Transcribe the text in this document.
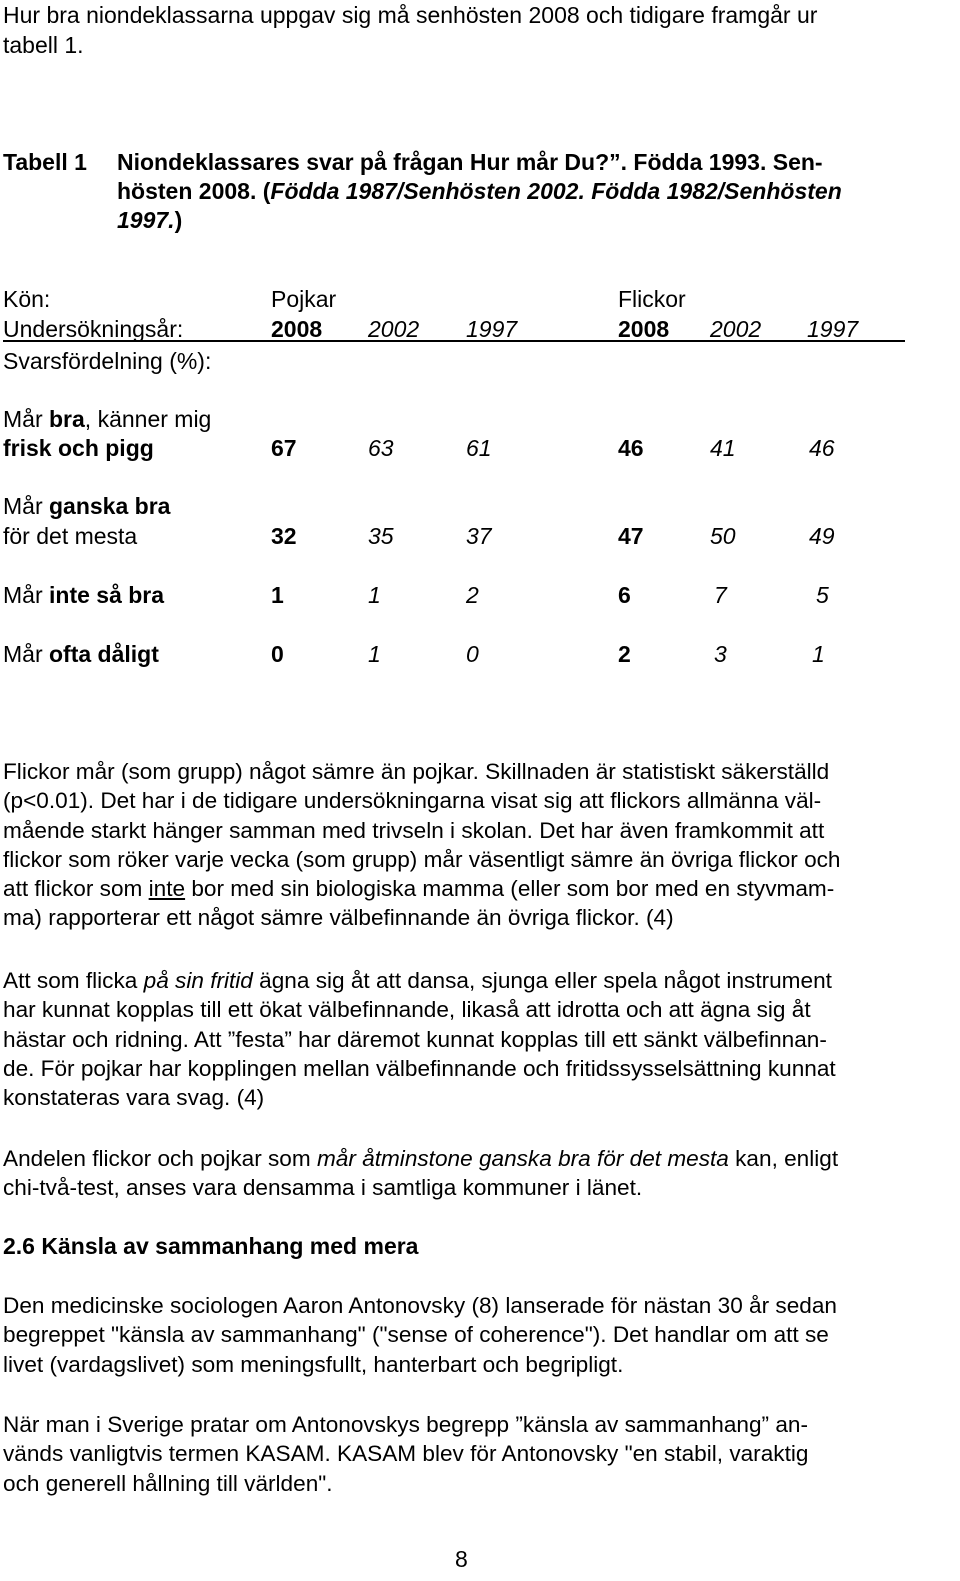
Hur bra niondeklassarna uppgav sig må senhösten 2008 och tidigare framgår ur
tabell 1.
Tabell 1 Niondeklassares svar på frågan Hur mår Du?”. Födda 1993. Sen-
hösten 2008. (Födda 1987/Senhösten 2002. Födda 1982/Senhösten
1997.)
Kön:	Pojkar	Flickor
Undersökningsår:	2008 2002 1997	2008 2002 1997
Svarsfördelning (%):
Mår bra, känner mig
frisk och pigg	67	63	61	46	41	46
Mår ganska bra
för det mesta	32	35	37	47	50	49
Mår inte så bra	1	1	2	6	7	5
Mår ofta dåligt	0	1	0	2	3	1
Flickor mår (som grupp) något sämre än pojkar. Skillnaden är statistiskt säkerställd
(p<0.01). Det har i de tidigare undersökningarna visat sig att flickors allmänna väl-
mående starkt hänger samman med trivseln i skolan. Det har även framkommit att
flickor som röker varje vecka (som grupp) mår väsentligt sämre än övriga flickor och
att flickor som inte bor med sin biologiska mamma (eller som bor med en styvmam-
ma) rapporterar ett något sämre välbefinnande än övriga flickor. (4)
Att som flicka på sin fritid ägna sig åt att dansa, sjunga eller spela något instrument
har kunnat kopplas till ett ökat välbefinnande, likaså att idrotta och att ägna sig åt
hästar och ridning. Att ”festa” har däremot kunnat kopplas till ett sänkt välbefinnan-
de. För pojkar har kopplingen mellan välbefinnande och fritidssysselsättning kunnat
konstateras vara svag. (4)
Andelen flickor och pojkar som mår åtminstone ganska bra för det mesta kan, enligt
chi-två-test, anses vara densamma i samtliga kommuner i länet.
2.6 Känsla av sammanhang med mera
Den medicinske sociologen Aaron Antonovsky (8) lanserade för nästan 30 år sedan
begreppet "känsla av sammanhang" ("sense of coherence"). Det handlar om att se
livet (vardagslivet) som meningsfullt, hanterbart och begripligt.
När man i Sverige pratar om Antonovskys begrepp ”känsla av sammanhang” an-
vänds vanligtvis termen KASAM. KASAM blev för Antonovsky "en stabil, varaktig
och generell hållning till världen".
8
